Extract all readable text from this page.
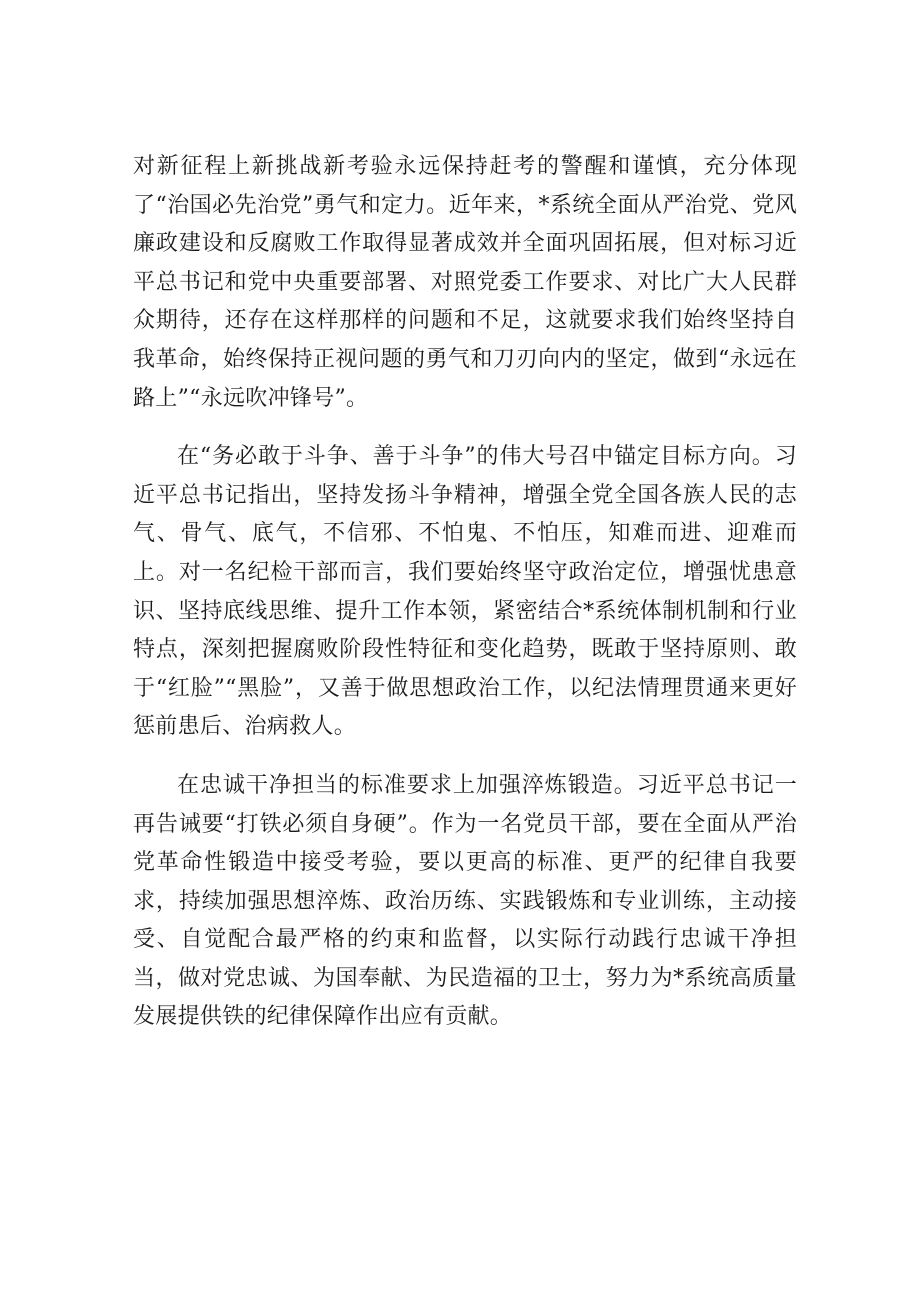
对新征程上新挑战新考验永远保持赶考的警醒和谨慎，充分体现了“治国必先治党”勇气和定力。近年来，*系统全面从严治党、党风廉政建设和反腐败工作取得显著成效并全面巩固拓展，但对标习近平总书记和党中央重要部署、对照党委工作要求、对比广大人民群众期待，还存在这样那样的问题和不足，这就要求我们始终坚持自我革命，始终保持正视问题的勇气和刀刃向内的坚定，做到“永远在路上”“永远吹冲锋号”。

在“务必敢于斗争、善于斗争”的伟大号召中锚定目标方向。习近平总书记指出，坚持发扬斗争精神，增强全党全国各族人民的志气、骨气、底气，不信邪、不怕鬼、不怕压，知难而进、迎难而上。对一名纪检干部而言，我们要始终坚守政治定位，增强忧患意识、坚持底线思维、提升工作本领，紧密结合*系统体制机制和行业特点，深刻把握腐败阶段性特征和变化趋势，既敢于坚持原则、敢于“红脸”“黑脸”，又善于做思想政治工作，以纪法情理贯通来更好惩前患后、治病救人。

在忠诚干净担当的标准要求上加强淬炼锻造。习近平总书记一再告诫要“打铁必须自身硬”。作为一名党员干部，要在全面从严治党革命性锻造中接受考验，要以更高的标准、更严的纪律自我要求，持续加强思想淬炼、政治历练、实践锻炼和专业训练，主动接受、自觉配合最严格的约束和监督，以实际行动践行忠诚干净担当，做对党忠诚、为国奉献、为民造福的卫士，努力为*系统高质量发展提供铁的纪律保障作出应有贡献。
